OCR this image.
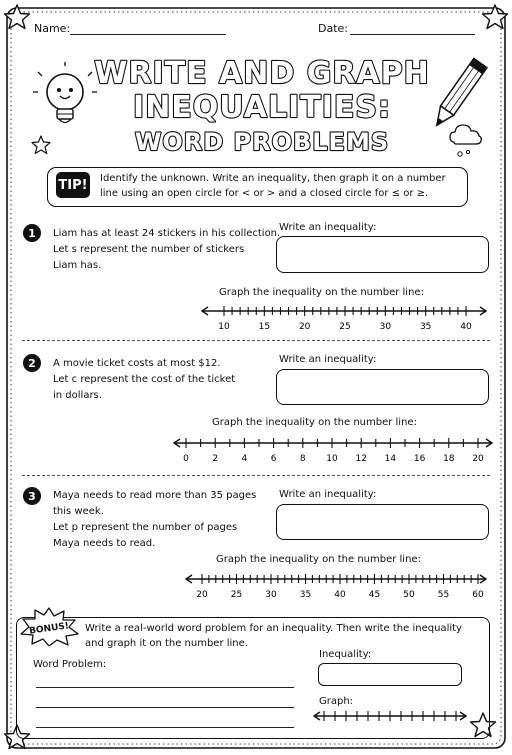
Name:	Date:
WRITE AND GRAPH
INEQUALITIES:
WORD PROBLEMS
TIP! Identify the unknown. Write an inequality, then graph it on a number line using an open circle for < or > and a closed circle for ≤ or ≥.
1	Liam has at least 24 stickers in his collection.
Let s represent the number of stickers
Liam has.
Write an inequality:
Graph the inequality on the number line:
10	15	20	25	30	35	40
2	A movie ticket costs at most $12.
Let c represent the cost of the ticket
in dollars.
Write an inequality:
Graph the inequality on the number line:
0	2	4	6	8 10 12 14 16 18 20
3	Maya needs to read more than 35 pages
this week.
Let p represent the number of pages
Maya needs to read.
Write an inequality:
Graph the inequality on the number line:
20	25	30	35	40	45	50	55	60
BONUS! Write a real-world word problem for an inequality. Then write the inequality and graph it on the number line.
Word Problem:
Inequality:
Graph:
